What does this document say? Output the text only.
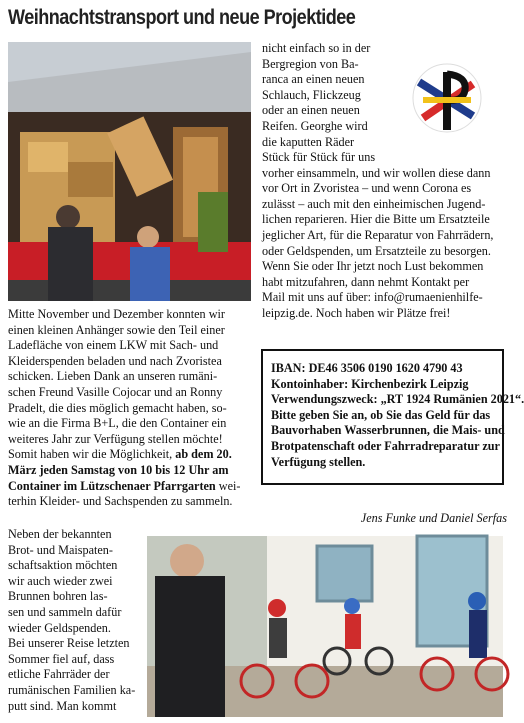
Weihnachtstransport und neue Projektidee
nicht einfach so in der
Bergregion von Ba-
ranca an einen neuen
Schlauch, Flickzeug
oder an einen neuen
Reifen. Georghe wird
die kaputten Räder
Stück für Stück für uns
vorher einsammeln, und wir wollen diese dann
vor Ort in Zvoristea – und wenn Corona es
zulässt – auch mit den einheimischen Jugend-
lichen reparieren. Hier die Bitte um Ersatzteile
jeglicher Art, für die Reparatur von Fahrrädern,
oder Geldspenden, um Ersatzteile zu besorgen.
Wenn Sie oder Ihr jetzt noch Lust bekommen
habt mitzufahren, dann nehmt Kontakt per
Mail mit uns auf über: info@rumaenienhilfe-
leipzig.de. Noch haben wir Plätze frei!
Mitte November und Dezember konnten wir
einen kleinen Anhänger sowie den Teil einer
Ladefläche von einem LKW mit Sach- und
Kleiderspenden beladen und nach Zvoristea
schicken. Lieben Dank an unseren rumäni-
schen Freund Vasille Cojocar und an Ronny
Pradelt, die dies möglich gemacht haben, so-
wie an die Firma B+L, die den Container ein
weiteres Jahr zur Verfügung stellen möchte!
Somit haben wir die Möglichkeit, ab dem 20.
März jeden Samstag von 10 bis 12 Uhr am
Container im Lützschenaer Pfarrgarten wei-
terhin Kleider- und Sachspenden zu sammeln.
Neben der bekannten
Brot- und Maispaten-
schaftsaktion möchten
wir auch wieder zwei
Brunnen bohren las-
sen und sammeln dafür
wieder Geldspenden.
Bei unserer Reise letzten
Sommer fiel auf, dass
etliche Fahrräder der
rumänischen Familien ka-
putt sind. Man kommt
IBAN: DE46 3506 0190 1620 4790 43
Kontoinhaber: Kirchenbezirk Leipzig
Verwendungszweck: „RT 1924 Rumänien 2021“.
Bitte geben Sie an, ob Sie das Geld für das
Bauvorhaben Wasserbrunnen, die Mais- und
Brotpatenschaft oder Fahrradreparatur zur
Verfügung stellen.
Jens Funke und Daniel Serfas
